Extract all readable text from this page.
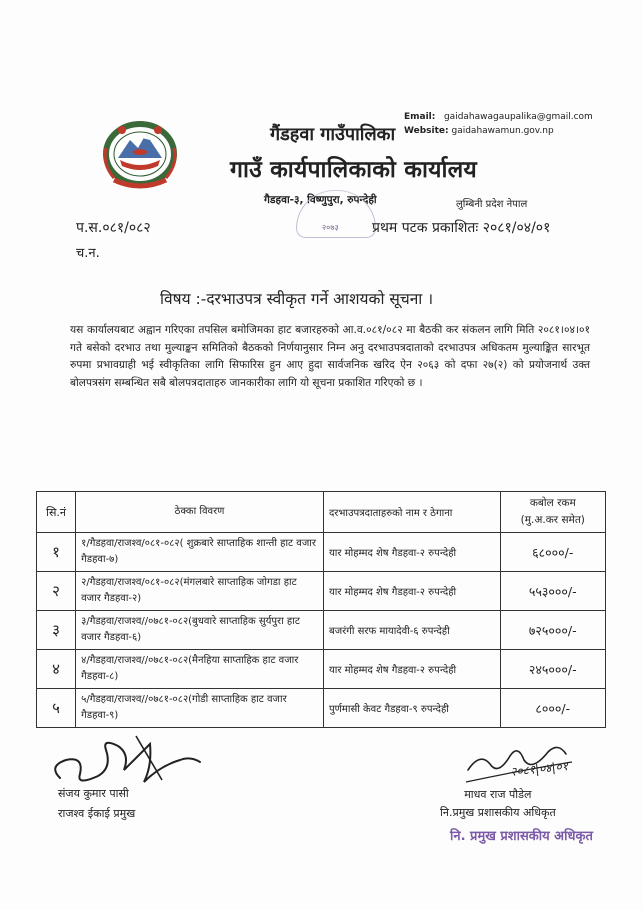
Email: gaidahawagaupalika@gmail.com
Website: gaidahawamun.gov.np
गैंडहवा गाउँपालिका
गाउँ कार्यपालिकाको कार्यालय
गैडहवा-३, विष्णुपुरा, रुपन्देही	लुम्बिनी प्रदेश नेपाल
२०७३
प.स.०८१/०८२
च.न.
प्रथम पटक प्रकाशितः २०८१/०४/०१
विषय :-दरभाउपत्र स्वीकृत गर्ने आशयको सूचना ।
यस कार्यालयबाट अह्वान गरिएका तपसिल बमोजिमका हाट बजारहरुको आ.व.०८१/०८२ मा बैठकी कर संकलन लागि मिति २०८१।०४।०१ गते बसेको दरभाउ तथा मुल्याङ्कन समितिको बैठकको निर्णयानुसार निम्न अनु दरभाउपत्रदाताको दरभाउपत्र अधिकतम मुल्याङ्कित सारभूत रुपमा प्रभावग्राही भई स्वीकृतिका लागि सिफारिस हुन आए हुदा सार्वजनिक खरिद ऐन २०६३ को दफा २७(२) को प्रयोजनार्थ उक्त बोलपत्रसंग सम्बन्धित सबै बोलपत्रदाताहरु जानकारीका लागि यो सूचना प्रकाशित गरिएको छ ।
सि.नं	ठेक्का विवरण	दरभाउपत्रदाताहरुको नाम र ठेगाना	कबोल रकम
(मु.अ.कर समेत)

१	१/गैडहवा/राजश्व/०८१-०८२( शुक्रबारे साप्ताहिक शान्ती हाट वजार गैडहवा-७)	यार मोहम्मद शेष गैडहवा-२ रुपन्देही	६८०००/-
२	२/गैडहवा/राजश्व/०८१-०८२(मंगलबारे साप्ताहिक जोगडा हाट वजार गैडहवा-२)	यार मोहम्मद शेष गैडहवा-२ रुपन्देही	५५३०००/-
३	३/गैडहवा/राजश्व//०७८१-०८२(बुधवारे साप्ताहिक सुर्यपुरा हाट वजार गैडहवा-६)	बजरंगी सरफ मायादेवी-६ रुपन्देही	७२५०००/-
४	४/गैडहवा/राजश्व//०७८१-०८२(मैनहिया साप्ताहिक हाट वजार गैडहवा-८)	यार मोहम्मद शेष गैडहवा-२ रुपन्देही	२४५०००/-
५	५/गैडहवा/राजश्व//०७८१-०८२(गोडी साप्ताहिक हाट वजार गैडहवा-९)	पुर्णमासी केवट गैडहवा-९ रुपन्देही	८०००/-
संजय कुमार पासी
राजश्व ईकाई प्रमुख
२०८१|०४|०१
माधव राज पौडेल
नि.प्रमुख प्रशासकीय अधिकृत
नि. प्रमुख प्रशासकीय अधिकृत
